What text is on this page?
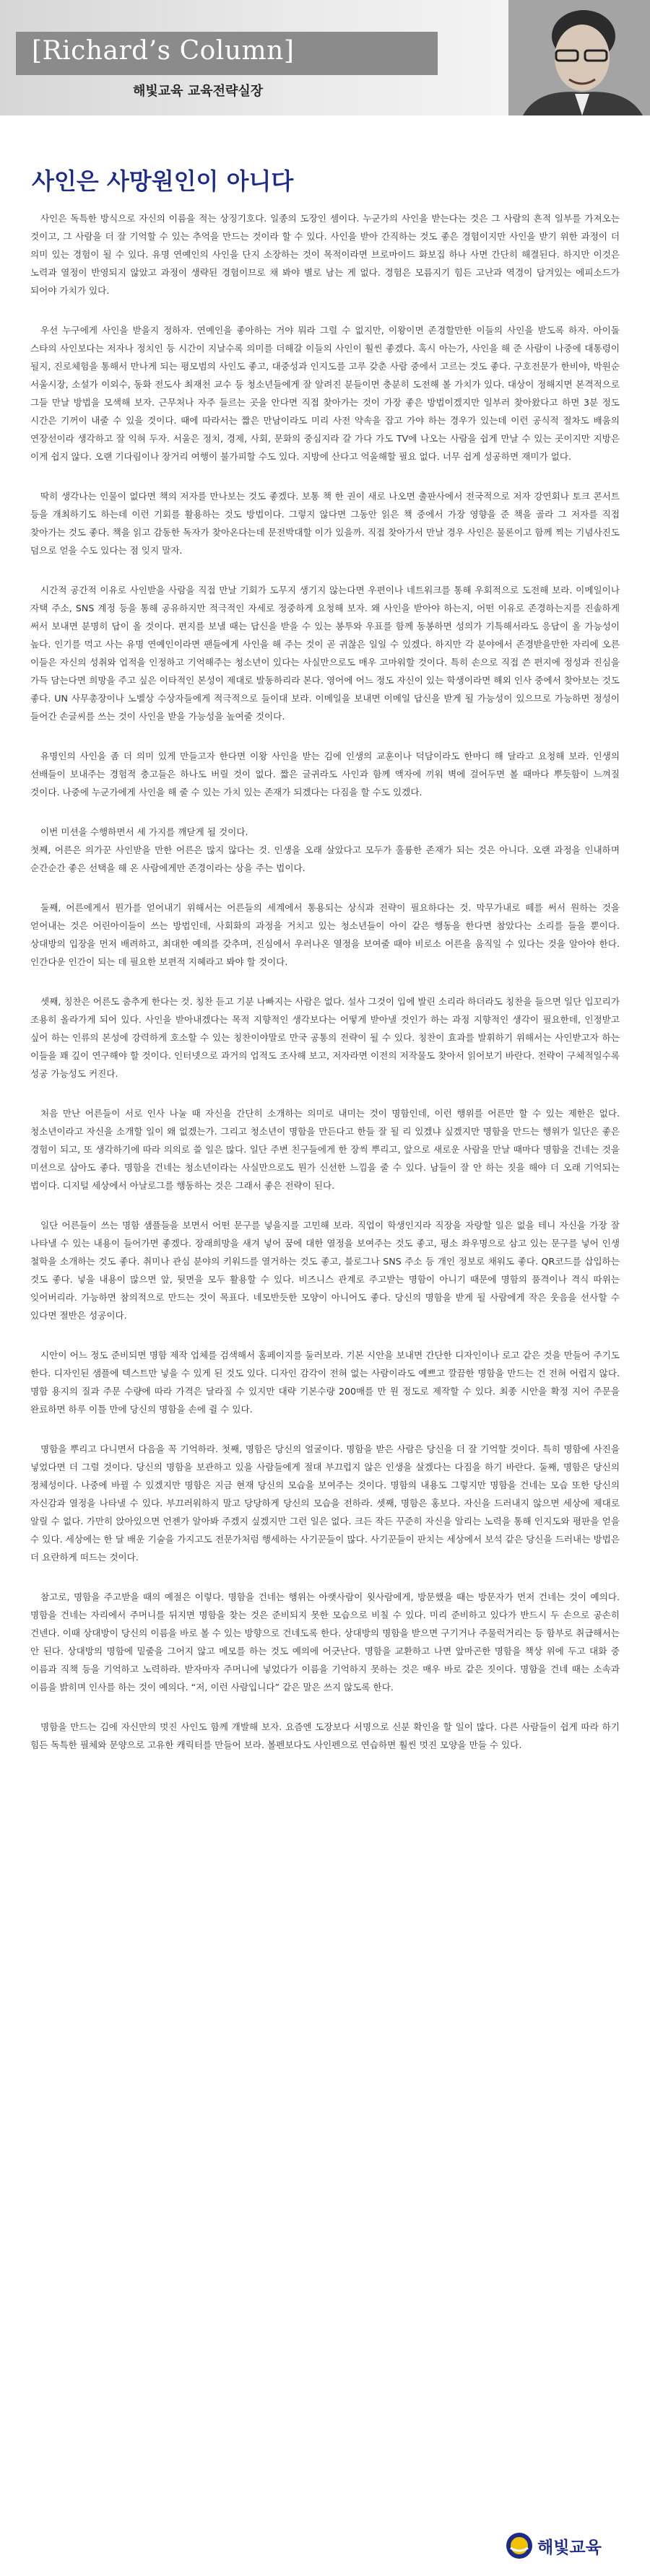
[Richard’s Column]
해빛교육 교육전략실장
사인은 사망원인이 아니다

사인은 독특한 방식으로 자신의 이름을 적는 상징기호다. 일종의 도장인 셈이다. 누군가의 사인을 받는다는 것은 그 사람의 흔적 일부를 가져오는 것이고, 그 사람을 더 잘 기억할 수 있는 추억을 만드는 것이라 할 수 있다. 사인을 받아 간직하는 것도 좋은 경험이지만 사인을 받기 위한 과정이 더 의미 있는 경험이 될 수 있다. 유명 연예인의 사인을 단지 소장하는 것이 목적이라면 브로마이드 화보집 하나 사면 간단히 해결된다. 하지만 이것은 노력과 열정이 반영되지 않았고 과정이 생략된 경험이므로 채 봐야 별로 남는 게 없다. 경험은 모름지기 힘든 고난과 역경이 담겨있는 에피소드가 되어야 가치가 있다.

우선 누구에게 사인을 받을지 정하자. 연예인을 좋아하는 거야 뭐라 그럴 수 없지만, 이왕이면 존경할만한 이들의 사인을 받도록 하자. 아이돌 스타의 사인보다는 저자나 정치인 등 시간이 지날수록 의미를 더해갈 이들의 사인이 훨씬 좋겠다. 혹시 아는가, 사인을 해 준 사람이 나중에 대통령이 될지, 진로체험을 통해서 만나게 되는 평모범의 사인도 좋고, 대중성과 인지도를 고루 갖춘 사람 중에서 고르는 것도 좋다. 구호전문가 한비야, 박원순 서울시장, 소설가 이외수, 동화 전도사 최재천 교수 등 청소년들에게 잘 알려진 분들이면 충분히 도전해 볼 가치가 있다. 대상이 정해지면 본격적으로 그들 만날 방법을 모색해 보자. 근무처나 자주 들르는 곳을 안다면 직접 찾아가는 것이 가장 좋은 방법이겠지만 일부러 찾아왔다고 하면 3분 정도 시간은 기꺼이 내줄 수 있을 것이다. 때에 따라서는 짧은 만남이라도 미리 사전 약속을 잡고 가야 하는 경우가 있는데 이런 공식적 절차도 배움의 연장선이라 생각하고 잘 익혀 두자. 서울은 정치, 경제, 사회, 문화의 중심지라 갈 가다 가도 TV에 나오는 사람을 쉽게 만날 수 있는 곳이지만 지방은 이게 쉽지 않다. 오랜 기다림이나 장거리 여행이 불가피할 수도 있다. 지방에 산다고 억울해할 필요 없다. 너무 쉽게 성공하면 재미가 없다.

딱히 생각나는 인물이 없다면 책의 저자를 만나보는 것도 좋겠다. 보통 책 한 권이 새로 나오면 출판사에서 전국적으로 저자 강연회나 토크 콘서트 등을 개최하기도 하는데 이런 기회를 활용하는 것도 방법이다. 그렇지 않다면 그동안 읽은 책 중에서 가장 영향을 준 책을 골라 그 저자를 직접 찾아가는 것도 좋다. 책을 읽고 감동한 독자가 찾아온다는데 문전박대할 이가 있을까. 직접 찾아가서 만날 경우 사인은 물론이고 함께 찍는 기념사진도 덤으로 얻을 수도 있다는 점 잊지 말자.

시간적 공간적 이유로 사인받을 사람을 직접 만날 기회가 도무지 생기지 않는다면 우편이나 네트워크를 통해 우회적으로 도전해 보라. 이메일이나 자택 주소, SNS 계정 등을 통해 공유하지만 적극적인 자세로 정중하게 요청해 보자. 왜 사인을 받아야 하는지, 어떤 이유로 존경하는지를 진솔하게 써서 보내면 분명히 답이 올 것이다. 편지를 보낼 때는 답신을 받을 수 있는 봉투와 우표를 함께 동봉하면 성의가 기특해서라도 응답이 올 가능성이 높다. 인기를 먹고 사는 유명 연예인이라면 팬들에게 사인을 해 주는 것이 곧 귀찮은 일일 수 있겠다. 하지만 각 분야에서 존경받을만한 자리에 오른 이들은 자신의 성취와 업적을 인정하고 기억해주는 청소년이 있다는 사실만으로도 매우 고마워할 것이다. 특히 손으로 직접 쓴 편지에 정성과 진심을 가득 담는다면 희망을 주고 싶은 이타적인 본성이 제대로 발동하리라 본다. 영어에 어느 정도 자신이 있는 학생이라면 해외 인사 중에서 찾아보는 것도 좋다. UN 사무총장이나 노벨상 수상자들에게 적극적으로 들이대 보라. 이메일을 보내면 이메일 답신을 받게 될 가능성이 있으므로 가능하면 정성이 들어간 손글씨를 쓰는 것이 사인을 받을 가능성을 높여줄 것이다.

유명인의 사인을 좀 더 의미 있게 만들고자 한다면 이왕 사인을 받는 김에 인생의 교훈이나 덕담이라도 한마디 해 달라고 요청해 보라. 인생의 선배들이 보내주는 경험적 충고들은 하나도 버릴 것이 없다. 짧은 글귀라도 사인과 함께 액자에 끼워 벽에 걸어두면 볼 때마다 뿌듯함이 느껴질 것이다. 나중에 누군가에게 사인을 해 줄 수 있는 가치 있는 존재가 되겠다는 다짐을 할 수도 있겠다.

이번 미션을 수행하면서 세 가지를 깨닫게 될 것이다.
첫째, 어른은 의가꾼 사인받을 만한 어른은 많지 않다는 것. 인생을 오래 살았다고 모두가 훌륭한 존재가 되는 것은 아니다. 오랜 과정을 인내하며 순간순간 좋은 선택을 해 온 사람에게만 존경이라는 상을 주는 법이다.

둘째, 어른에게서 뭔가를 얻어내기 위해서는 어른들의 세계에서 통용되는 상식과 전략이 필요하다는 것. 막무가내로 떼를 써서 원하는 것을 얻어내는 것은 어린아이들이 쓰는 방법인데, 사회화의 과정을 거치고 있는 청소년들이 아이 같은 행동을 한다면 참았다는 소리를 들을 뿐이다. 상대방의 입장을 먼저 배려하고, 최대한 예의를 갖추며, 진심에서 우러나온 열정을 보여줄 때야 비로소 어른을 움직일 수 있다는 것을 알아야 한다. 인간다운 인간이 되는 데 필요한 보편적 지혜라고 봐야 할 것이다.

셋째, 칭찬은 어른도 춤추게 한다는 것. 칭찬 듣고 기분 나빠지는 사람은 없다. 설사 그것이 입에 발린 소리라 하더라도 칭찬을 들으면 일단 입꼬리가 조용히 올라가게 되어 있다. 사인을 받아내겠다는 목적 지향적인 생각보다는 어떻게 받아낼 것인가 하는 과정 지향적인 생각이 필요한데, 인정받고 싶어 하는 인류의 본성에 강력하게 호소할 수 있는 칭찬이야말로 만국 공통의 전략이 될 수 있다. 칭찬이 효과를 발휘하기 위해서는 사인받고자 하는 이들을 꽤 깊이 연구해야 할 것이다. 인터넷으로 과거의 업적도 조사해 보고, 저자라면 이전의 저작물도 찾아서 읽어보기 바란다. 전략이 구체적일수록 성공 가능성도 커진다.

처음 만난 어른들이 서로 인사 나눌 때 자신을 간단히 소개하는 의미로 내미는 것이 명함인데, 이런 행위를 어른만 할 수 있는 제한은 없다. 청소년이라고 자신을 소개할 일이 왜 없겠는가. 그리고 청소년이 명함을 만든다고 한들 잘 될 리 있겠냐 싶겠지만 명함을 만드는 행위가 일단은 좋은 경험이 되고, 또 생각하기에 따라 의의로 쓸 일은 많다. 일단 주변 친구들에게 한 장씩 뿌리고, 앞으로 새로운 사람을 만날 때마다 명함을 건네는 것을 미션으로 삼아도 좋다. 명함을 건네는 청소년이라는 사실만으로도 뭔가 신선한 느낌을 줄 수 있다. 남들이 잘 안 하는 짓을 해야 더 오래 기억되는 법이다. 디지털 세상에서 아날로그를 행동하는 것은 그래서 좋은 전략이 된다.

일단 어른들이 쓰는 명함 샘플들을 보면서 어떤 문구를 넣을지를 고민해 보라. 직업이 학생인지라 직장을 자랑할 일은 없을 테니 자신을 가장 잘 나타낼 수 있는 내용이 들어가면 좋겠다. 장래희망을 새겨 넣어 꿈에 대한 열정을 보여주는 것도 좋고, 평소 좌우명으로 삼고 있는 문구를 넣어 인생 철학을 소개하는 것도 좋다. 취미나 관심 분야의 키워드를 열거하는 것도 좋고, 블로그나 SNS 주소 등 개인 정보로 채워도 좋다. QR코드를 삽입하는 것도 좋다. 넣을 내용이 많으면 앞, 뒷면을 모두 활용할 수 있다. 비즈니스 관계로 주고받는 명함이 아니기 때문에 명함의 품격이나 격식 따위는 잊어버리라. 가능하면 참의적으로 만드는 것이 목표다. 네모반듯한 모양이 아니어도 좋다. 당신의 명함을 받게 될 사람에게 작은 웃음을 선사할 수 있다면 절반은 성공이다.

시안이 어느 정도 준비되면 명함 제작 업체를 검색해서 홈페이지를 둘러보라. 기본 시안을 보내면 간단한 디자인이나 로고 같은 것을 만들어 주기도 한다. 디자인된 샘플에 텍스트만 넣을 수 있게 된 것도 있다. 디자인 감각이 전혀 없는 사람이라도 예쁘고 깔끔한 명함을 만드는 건 전혀 어렵지 않다. 명함 용지의 질과 주문 수량에 따라 가격은 달라질 수 있지만 대략 기본수량 200매를 만 원 정도로 제작할 수 있다. 최종 시안을 확정 지어 주문을 완료하면 하루 이틀 만에 당신의 명함을 손에 쥘 수 있다.

명함을 뿌리고 다니면서 다음을 꼭 기억하라. 첫째, 명함은 당신의 얼굴이다. 명함을 받은 사람은 당신을 더 잘 기억할 것이다. 특히 명함에 사진을 넣었다면 더 그럴 것이다. 당신의 명함을 보관하고 있을 사람들에게 절대 부끄럽지 않은 인생을 살겠다는 다짐을 하기 바란다. 둘째, 명함은 당신의 정체성이다. 나중에 바뀔 수 있겠지만 명함은 지금 현재 당신의 모습을 보여주는 것이다. 명함의 내용도 그렇지만 명함을 건네는 모습 또한 당신의 자신감과 열정을 나타낼 수 있다. 부끄러워하지 말고 당당하게 당신의 모습을 전하라. 셋째, 명함은 홍보다. 자신을 드러내지 않으면 세상에 제대로 알릴 수 없다. 가만히 앉아있으면 언젠가 알아봐 주겠지 싶겠지만 그런 일은 없다. 크든 작든 꾸준히 자신을 알리는 노력을 통해 인지도와 평판을 얻을 수 있다. 세상에는 한 달 배운 기술을 가지고도 전문가처럼 행세하는 사기꾼들이 많다. 사기꾼들이 판치는 세상에서 보석 같은 당신을 드러내는 방법은 더 요란하게 떠드는 것이다.

참고로, 명함을 주고받을 때의 예절은 이렇다. 명함을 건네는 행위는 아랫사람이 윗사람에게, 방문했을 때는 방문자가 먼저 건네는 것이 예의다. 명함을 건네는 자리에서 주머니를 뒤지면 명함을 찾는 것은 준비되지 못한 모습으로 비칠 수 있다. 미리 준비하고 있다가 반드시 두 손으로 공손히 건넨다. 이때 상대방이 당신의 이름을 바로 볼 수 있는 방향으로 건네도록 한다. 상대방의 명함을 받으면 구기거나 주물럭거리는 등 함부로 취급해서는 안 된다. 상대방의 명함에 밑줄을 그어지 않고 메모를 하는 것도 예의에 어긋난다. 명함을 교환하고 나면 앞마곤한 명함을 책상 위에 두고 대화 중 이름과 직책 등을 기억하고 노력하라. 받자마자 주머니에 넣었다가 이름을 기억하지 못하는 것은 매우 바로 같은 짓이다. 명함을 건네 때는 소속과 이름을 밝히며 인사를 하는 것이 예의다. “저, 이런 사람입니다” 같은 말은 쓰지 않도록 한다.

명함을 만드는 김에 자신만의 멋진 사인도 함께 개발해 보자. 요즘엔 도장보다 서명으로 신분 확인을 할 일이 많다. 다른 사람들이 쉽게 따라 하기 힘든 독특한 필체와 문양으로 고유한 캐릭터를 만들어 보라. 볼펜보다도 사인펜으로 연습하면 훨씬 멋진 모양을 만들 수 있다.

해빛교육
